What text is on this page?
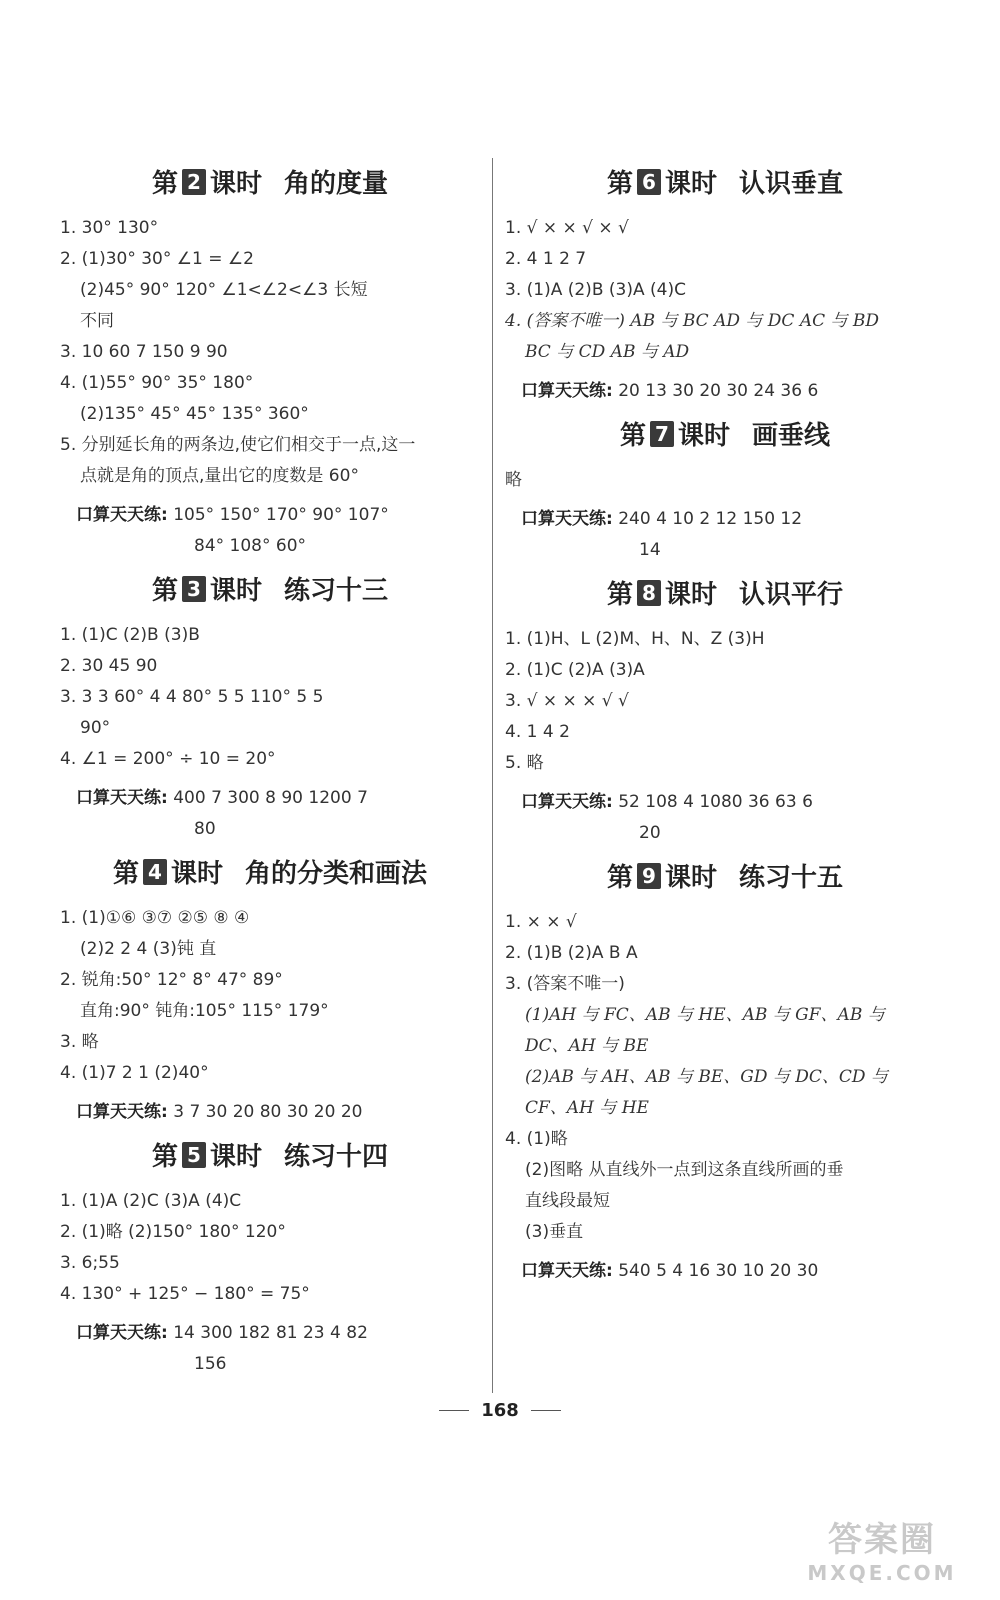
第 2 课时 角的度量
1. 30° 130°
2. (1)30° 30° ∠1 = ∠2
(2)45° 90° 120° ∠1<∠2<∠3 长短
不同
3. 10 60 7 150 9 90
4. (1)55° 90° 35° 180°
(2)135° 45° 45° 135° 360°
5. 分别延长角的两条边,使它们相交于一点,这一
点就是角的顶点,量出它的度数是 60°
口算天天练: 105° 150° 170° 90° 107°
84° 108° 60°
第 3 课时 练习十三
1. (1)C (2)B (3)B
2. 30 45 90
3. 3 3 60° 4 4 80° 5 5 110° 5 5
90°
4. ∠1 = 200° ÷ 10 = 20°
口算天天练: 400 7 300 8 90 1200 7
80
第 4 课时 角的分类和画法
1. (1)①⑥ ③⑦ ②⑤ ⑧ ④
(2)2 2 4 (3)钝 直
2. 锐角:50° 12° 8° 47° 89°
直角:90° 钝角:105° 115° 179°
3. 略
4. (1)7 2 1 (2)40°
口算天天练: 3 7 30 20 80 30 20 20
第 5 课时 练习十四
1. (1)A (2)C (3)A (4)C
2. (1)略 (2)150° 180° 120°
3. 6;55
4. 130° + 125° − 180° = 75°
口算天天练: 14 300 182 81 23 4 82
156
第 6 课时 认识垂直
1. √ × × √ × √
2. 4 1 2 7
3. (1)A (2)B (3)A (4)C
4. (答案不唯一) AB 与 BC AD 与 DC AC 与 BD
BC 与 CD AB 与 AD
口算天天练: 20 13 30 20 30 24 36 6
第 7 课时 画垂线
略
口算天天练: 240 4 10 2 12 150 12
14
第 8 课时 认识平行
1. (1)H、L (2)M、H、N、Z (3)H
2. (1)C (2)A (3)A
3. √ × × × √ √
4. 1 4 2
5. 略
口算天天练: 52 108 4 1080 36 63 6
20
第 9 课时 练习十五
1. × × √
2. (1)B (2)A B A
3. (答案不唯一)
(1)AH 与 FC、AB 与 HE、AB 与 GF、AB 与
DC、AH 与 BE
(2)AB 与 AH、AB 与 BE、GD 与 DC、CD 与
CF、AH 与 HE
4. (1)略
(2)图略 从直线外一点到这条直线所画的垂
直线段最短
(3)垂直
口算天天练: 540 5 4 16 30 10 20 30
168
答案圈
MXQE.COM
